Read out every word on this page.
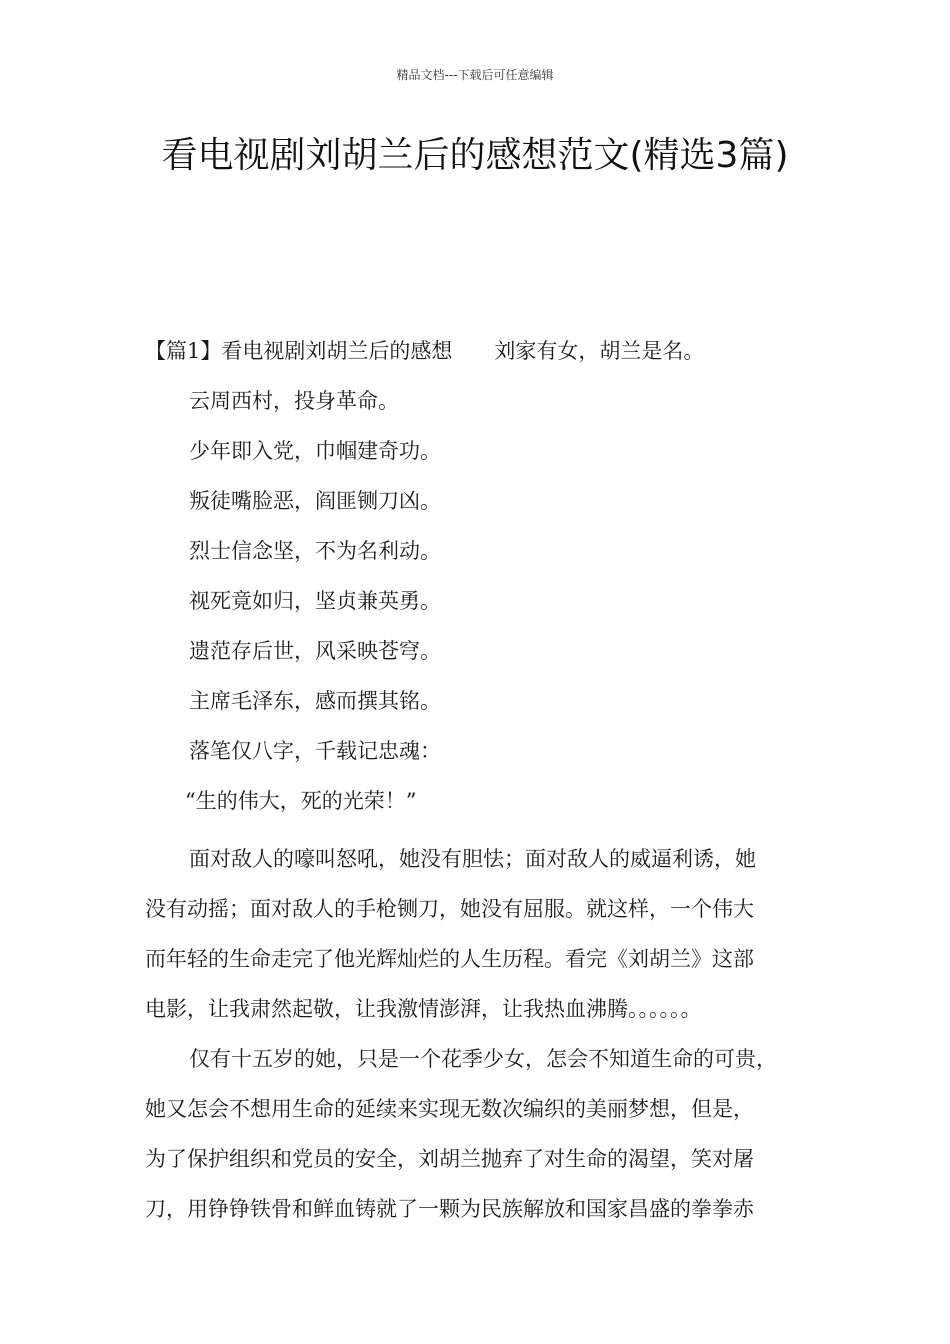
精品文档---下载后可任意编辑
看电视剧刘胡兰后的感想范文(精选3篇)
【篇1】看电视剧刘胡兰后的感想 刘家有女，胡兰是名。
云周西村，投身革命。
少年即入党，巾帼建奇功。
叛徒嘴脸恶，阎匪铡刀凶。
烈士信念坚，不为名利动。
视死竟如归，坚贞兼英勇。
遗范存后世，风采映苍穹。
主席毛泽东，感而撰其铭。
落笔仅八字，千载记忠魂：
“生的伟大，死的光荣！”

面对敌人的嚎叫怒吼，她没有胆怯；面对敌人的威逼利诱，她
没有动摇；面对敌人的手枪铡刀，她没有屈服。就这样，一个伟大
而年轻的生命走完了他光辉灿烂的人生历程。看完《刘胡兰》这部
电影，让我肃然起敬，让我激情澎湃，让我热血沸腾。。。。。。

仅有十五岁的她，只是一个花季少女，怎会不知道生命的可贵，
她又怎会不想用生命的延续来实现无数次编织的美丽梦想，但是，
为了保护组织和党员的安全，刘胡兰抛弃了对生命的渴望，笑对屠
刀，用铮铮铁骨和鲜血铸就了一颗为民族解放和国家昌盛的拳拳赤
